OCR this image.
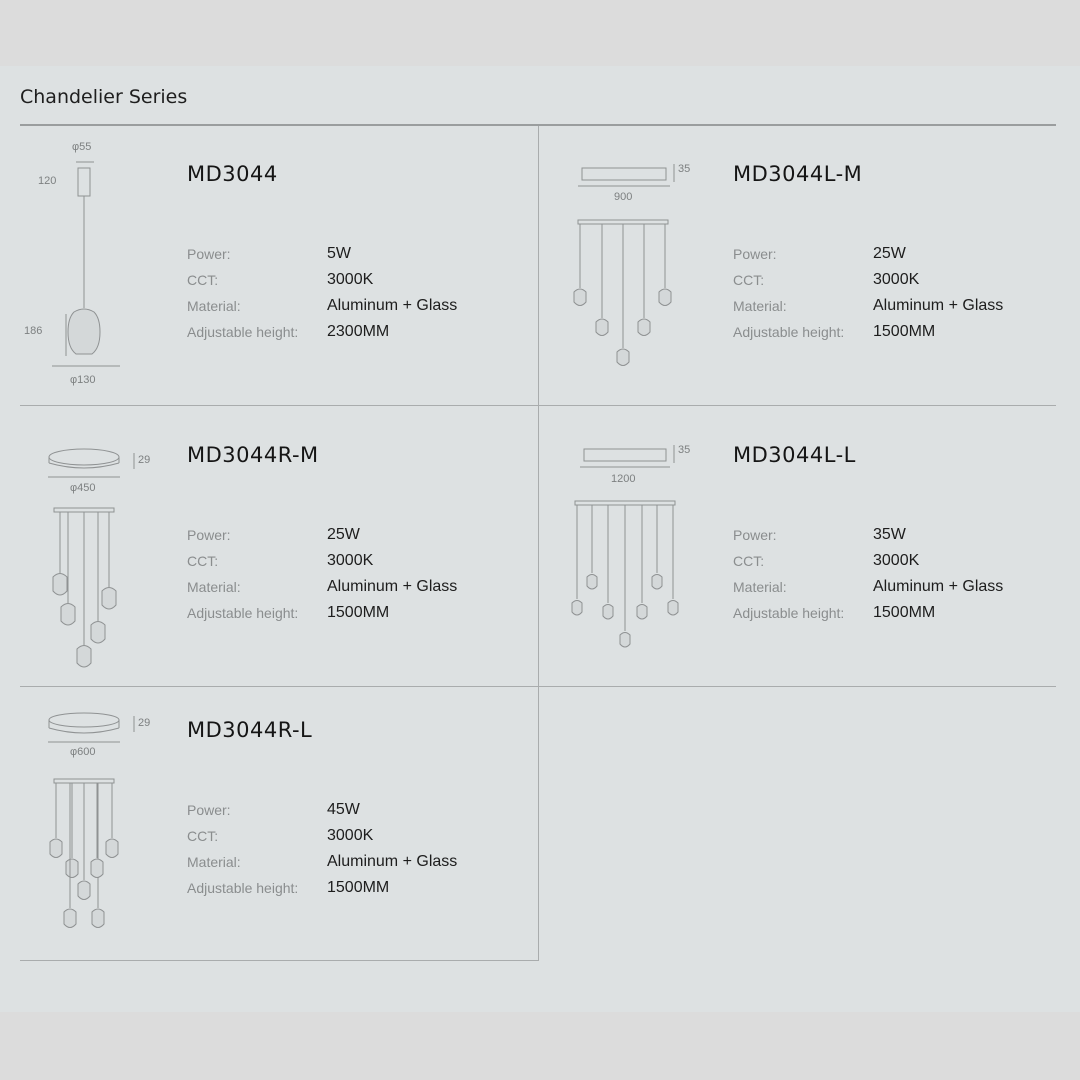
Chandelier Series
φ55
120
186
φ130
MD3044
Power:	5W
CCT:	3000K
Material:	Aluminum + Glass
Adjustable height:	2300MM
35
900
MD3044L-M
Power:	25W
CCT:	3000K
Material:	Aluminum + Glass
Adjustable height:	1500MM
29
φ450
MD3044R-M
Power:	25W
CCT:	3000K
Material:	Aluminum + Glass
Adjustable height:	1500MM
35
1200
MD3044L-L
Power:	35W
CCT:	3000K
Material:	Aluminum + Glass
Adjustable height:	1500MM
29
φ600
MD3044R-L
Power:	45W
CCT:	3000K
Material:	Aluminum + Glass
Adjustable height:	1500MM
